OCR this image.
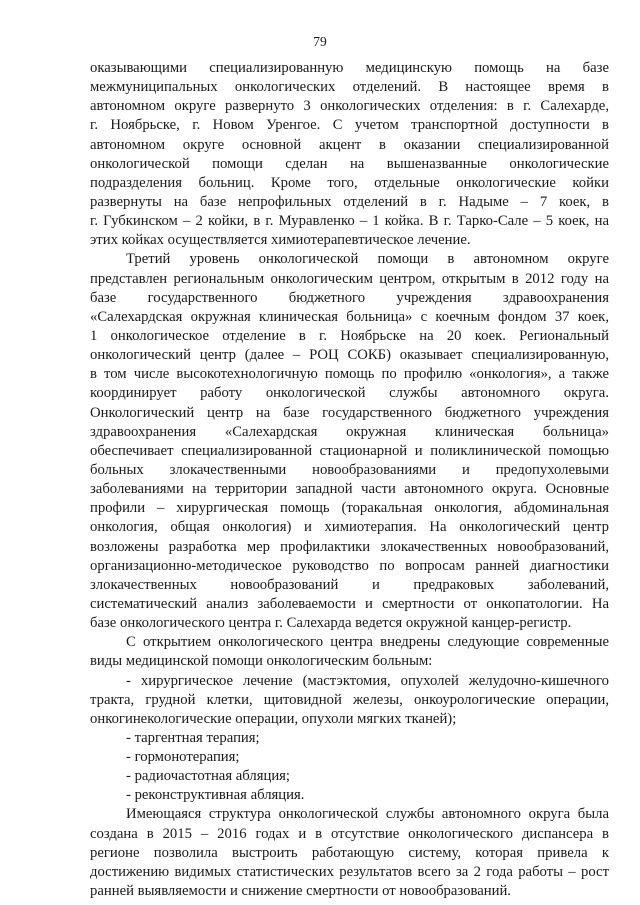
79
оказывающими специализированную медицинскую помощь на базе
межмуниципальных онкологических отделений. В настоящее время в
автономном округе развернуто 3 онкологических отделения: в г. Салехарде,
г. Ноябрьске, г. Новом Уренгое. С учетом транспортной доступности в
автономном округе основной акцент в оказании специализированной
онкологической помощи сделан на вышеназванные онкологические
подразделения больниц. Кроме того, отдельные онкологические койки
развернуты на базе непрофильных отделений в г. Надыме – 7 коек, в
г. Губкинском – 2 койки, в г. Муравленко – 1 койка. В г. Тарко-Сале – 5 коек, на
этих койках осуществляется химиотерапевтическое лечение.
Третий уровень онкологической помощи в автономном округе
представлен региональным онкологическим центром, открытым в 2012 году на
базе государственного бюджетного учреждения здравоохранения
«Салехардская окружная клиническая больница» с коечным фондом 37 коек,
1 онкологическое отделение в г. Ноябрьске на 20 коек. Региональный
онкологический центр (далее – РОЦ СОКБ) оказывает специализированную,
в том числе высокотехнологичную помощь по профилю «онкология», а также
координирует работу онкологической службы автономного округа.
Онкологический центр на базе государственного бюджетного учреждения
здравоохранения «Салехардская окружная клиническая больница»
обеспечивает специализированной стационарной и поликлинической помощью
больных злокачественными новообразованиями и предопухолевыми
заболеваниями на территории западной части автономного округа. Основные
профили – хирургическая помощь (торакальная онкология, абдоминальная
онкология, общая онкология) и химиотерапия. На онкологический центр
возложены разработка мер профилактики злокачественных новообразований,
организационно-методическое руководство по вопросам ранней диагностики
злокачественных новообразований и предраковых заболеваний,
систематический анализ заболеваемости и смертности от онкопатологии. На
базе онкологического центра г. Салехарда ведется окружной канцер-регистр.
С открытием онкологического центра внедрены следующие современные
виды медицинской помощи онкологическим больным:
- хирургическое лечение (мастэктомия, опухолей желудочно-кишечного
тракта, грудной клетки, щитовидной железы, онкоурологические операции,
онкогинекологические операции, опухоли мягких тканей);
- таргентная терапия;
- гормонотерапия;
- радиочастотная абляция;
- реконструктивная абляция.
Имеющаяся структура онкологической службы автономного округа была
создана в 2015 – 2016 годах и в отсутствие онкологического диспансера в
регионе позволила выстроить работающую систему, которая привела к
достижению видимых статистических результатов всего за 2 года работы – рост
ранней выявляемости и снижение смертности от новообразований.
